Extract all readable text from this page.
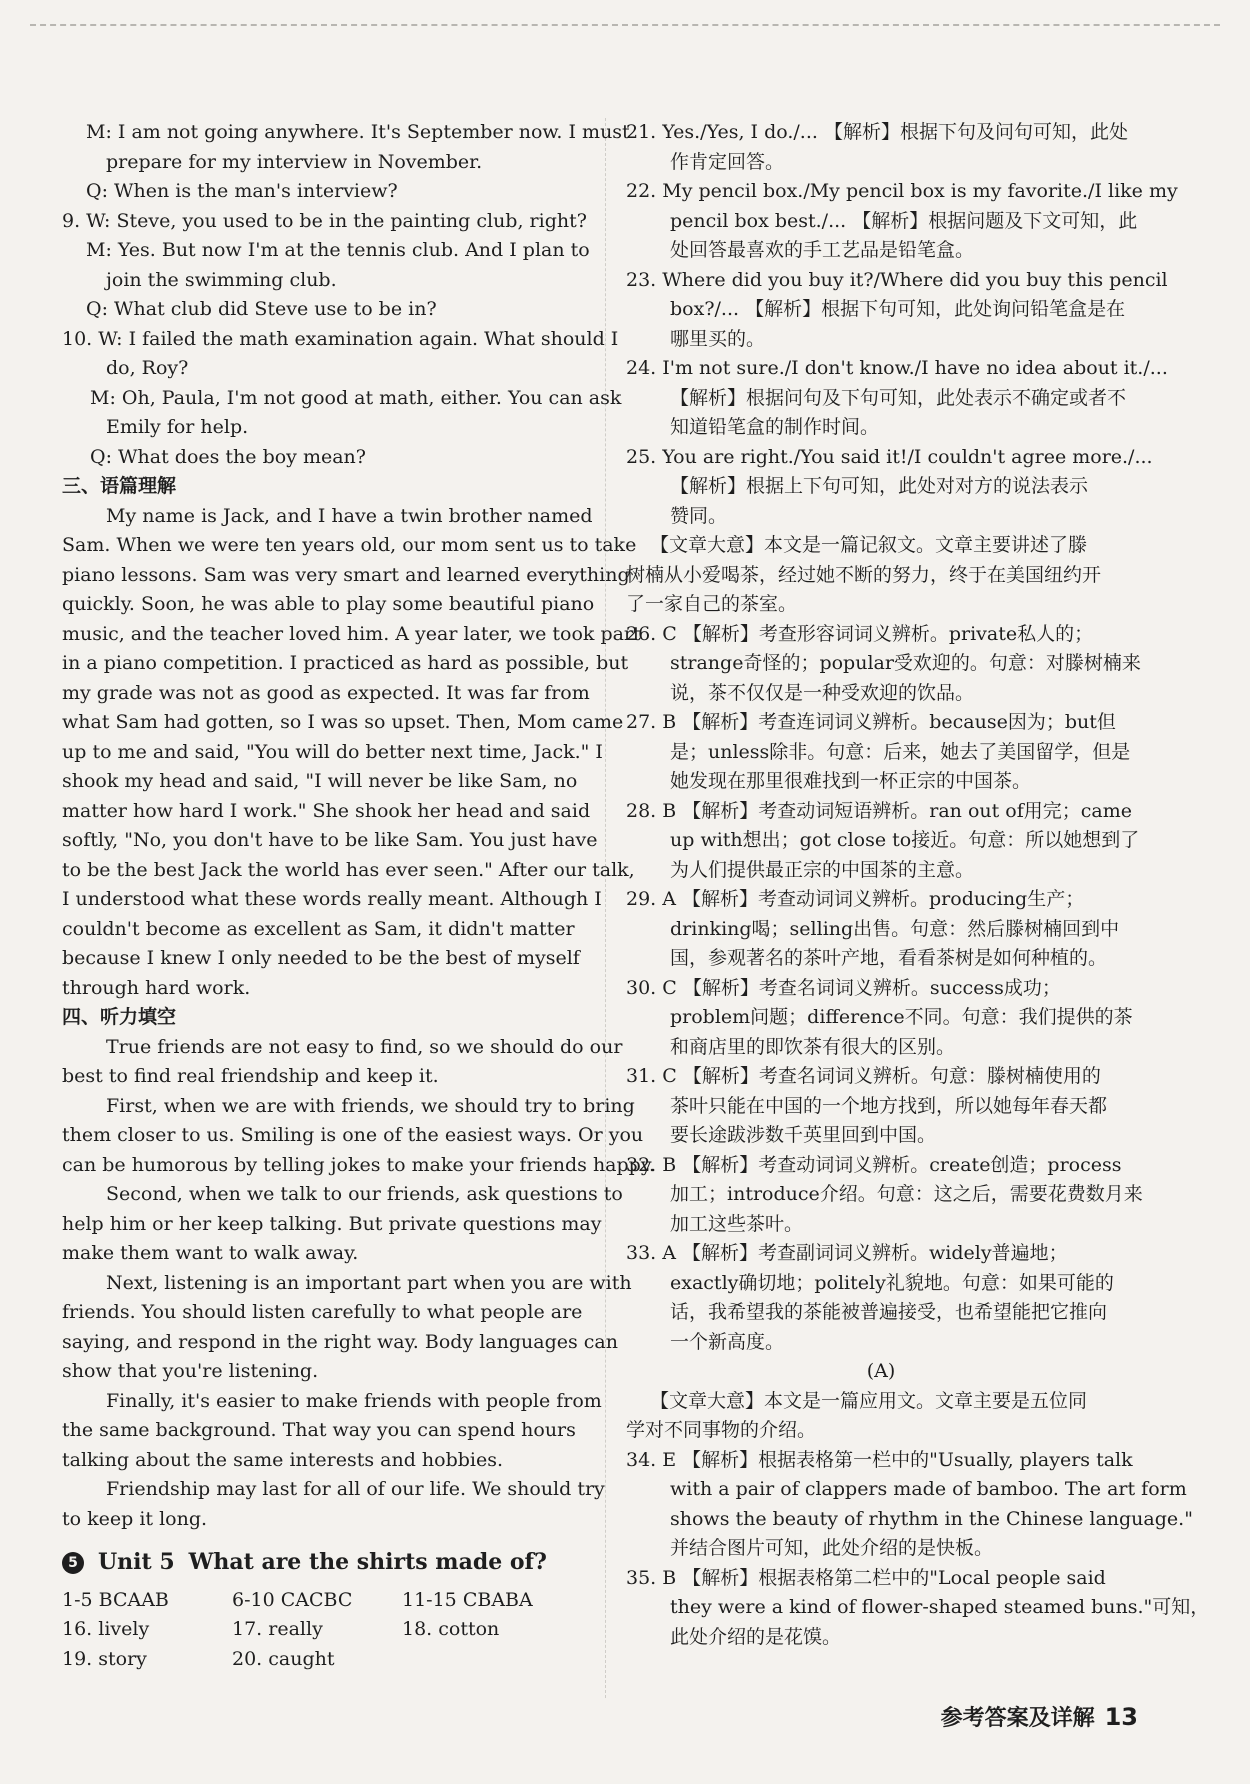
M: I am not going anywhere. It's September now. I must
prepare for my interview in November.
Q: When is the man's interview?
9. W: Steve, you used to be in the painting club, right?
M: Yes. But now I'm at the tennis club. And I plan to
join the swimming club.
Q: What club did Steve use to be in?
10. W: I failed the math examination again. What should I
do, Roy?
M: Oh, Paula, I'm not good at math, either. You can ask
Emily for help.
Q: What does the boy mean?
三、语篇理解
My name is Jack, and I have a twin brother named
Sam. When we were ten years old, our mom sent us to take
piano lessons. Sam was very smart and learned everything
quickly. Soon, he was able to play some beautiful piano
music, and the teacher loved him. A year later, we took part
in a piano competition. I practiced as hard as possible, but
my grade was not as good as expected. It was far from
what Sam had gotten, so I was so upset. Then, Mom came
up to me and said, "You will do better next time, Jack." I
shook my head and said, "I will never be like Sam, no
matter how hard I work." She shook her head and said
softly, "No, you don't have to be like Sam. You just have
to be the best Jack the world has ever seen." After our talk,
I understood what these words really meant. Although I
couldn't become as excellent as Sam, it didn't matter
because I knew I only needed to be the best of myself
through hard work.
四、听力填空
True friends are not easy to find, so we should do our
best to find real friendship and keep it.
First, when we are with friends, we should try to bring
them closer to us. Smiling is one of the easiest ways. Or you
can be humorous by telling jokes to make your friends happy.
Second, when we talk to our friends, ask questions to
help him or her keep talking. But private questions may
make them want to walk away.
Next, listening is an important part when you are with
friends. You should listen carefully to what people are
saying, and respond in the right way. Body languages can
show that you're listening.
Finally, it's easier to make friends with people from
the same background. That way you can spend hours
talking about the same interests and hobbies.
Friendship may last for all of our life. We should try
to keep it long.
5 Unit 5 What are the shirts made of?
1-5 BCAAB	6-10 CACBC	11-15 CBABA
16. lively	17. really	18. cotton
19. story	20. caught
21. Yes./Yes, I do./... 【解析】根据下句及问句可知，此处
作肯定回答。
22. My pencil box./My pencil box is my favorite./I like my
pencil box best./... 【解析】根据问题及下文可知，此
处回答最喜欢的手工艺品是铅笔盒。
23. Where did you buy it?/Where did you buy this pencil
box?/... 【解析】根据下句可知，此处询问铅笔盒是在
哪里买的。
24. I'm not sure./I don't know./I have no idea about it./...
【解析】根据问句及下句可知，此处表示不确定或者不
知道铅笔盒的制作时间。
25. You are right./You said it!/I couldn't agree more./...
【解析】根据上下句可知，此处对对方的说法表示
赞同。
【文章大意】本文是一篇记叙文。文章主要讲述了滕
树楠从小爱喝茶，经过她不断的努力，终于在美国纽约开
了一家自己的茶室。
26. C 【解析】考查形容词词义辨析。private私人的；
strange奇怪的；popular受欢迎的。句意：对滕树楠来
说，茶不仅仅是一种受欢迎的饮品。
27. B 【解析】考查连词词义辨析。because因为；but但
是；unless除非。句意：后来，她去了美国留学，但是
她发现在那里很难找到一杯正宗的中国茶。
28. B 【解析】考查动词短语辨析。ran out of用完；came
up with想出；got close to接近。句意：所以她想到了
为人们提供最正宗的中国茶的主意。
29. A 【解析】考查动词词义辨析。producing生产；
drinking喝；selling出售。句意：然后滕树楠回到中
国，参观著名的茶叶产地，看看茶树是如何种植的。
30. C 【解析】考查名词词义辨析。success成功；
problem问题；difference不同。句意：我们提供的茶
和商店里的即饮茶有很大的区别。
31. C 【解析】考查名词词义辨析。句意：滕树楠使用的
茶叶只能在中国的一个地方找到，所以她每年春天都
要长途跋涉数千英里回到中国。
32. B 【解析】考查动词词义辨析。create创造；process
加工；introduce介绍。句意：这之后，需要花费数月来
加工这些茶叶。
33. A 【解析】考查副词词义辨析。widely普遍地；
exactly确切地；politely礼貌地。句意：如果可能的
话，我希望我的茶能被普遍接受，也希望能把它推向
一个新高度。
(A)
【文章大意】本文是一篇应用文。文章主要是五位同
学对不同事物的介绍。
34. E 【解析】根据表格第一栏中的"Usually, players talk
with a pair of clappers made of bamboo. The art form
shows the beauty of rhythm in the Chinese language."
并结合图片可知，此处介绍的是快板。
35. B 【解析】根据表格第二栏中的"Local people said
they were a kind of flower-shaped steamed buns."可知，
此处介绍的是花馍。
参考答案及详解 13
